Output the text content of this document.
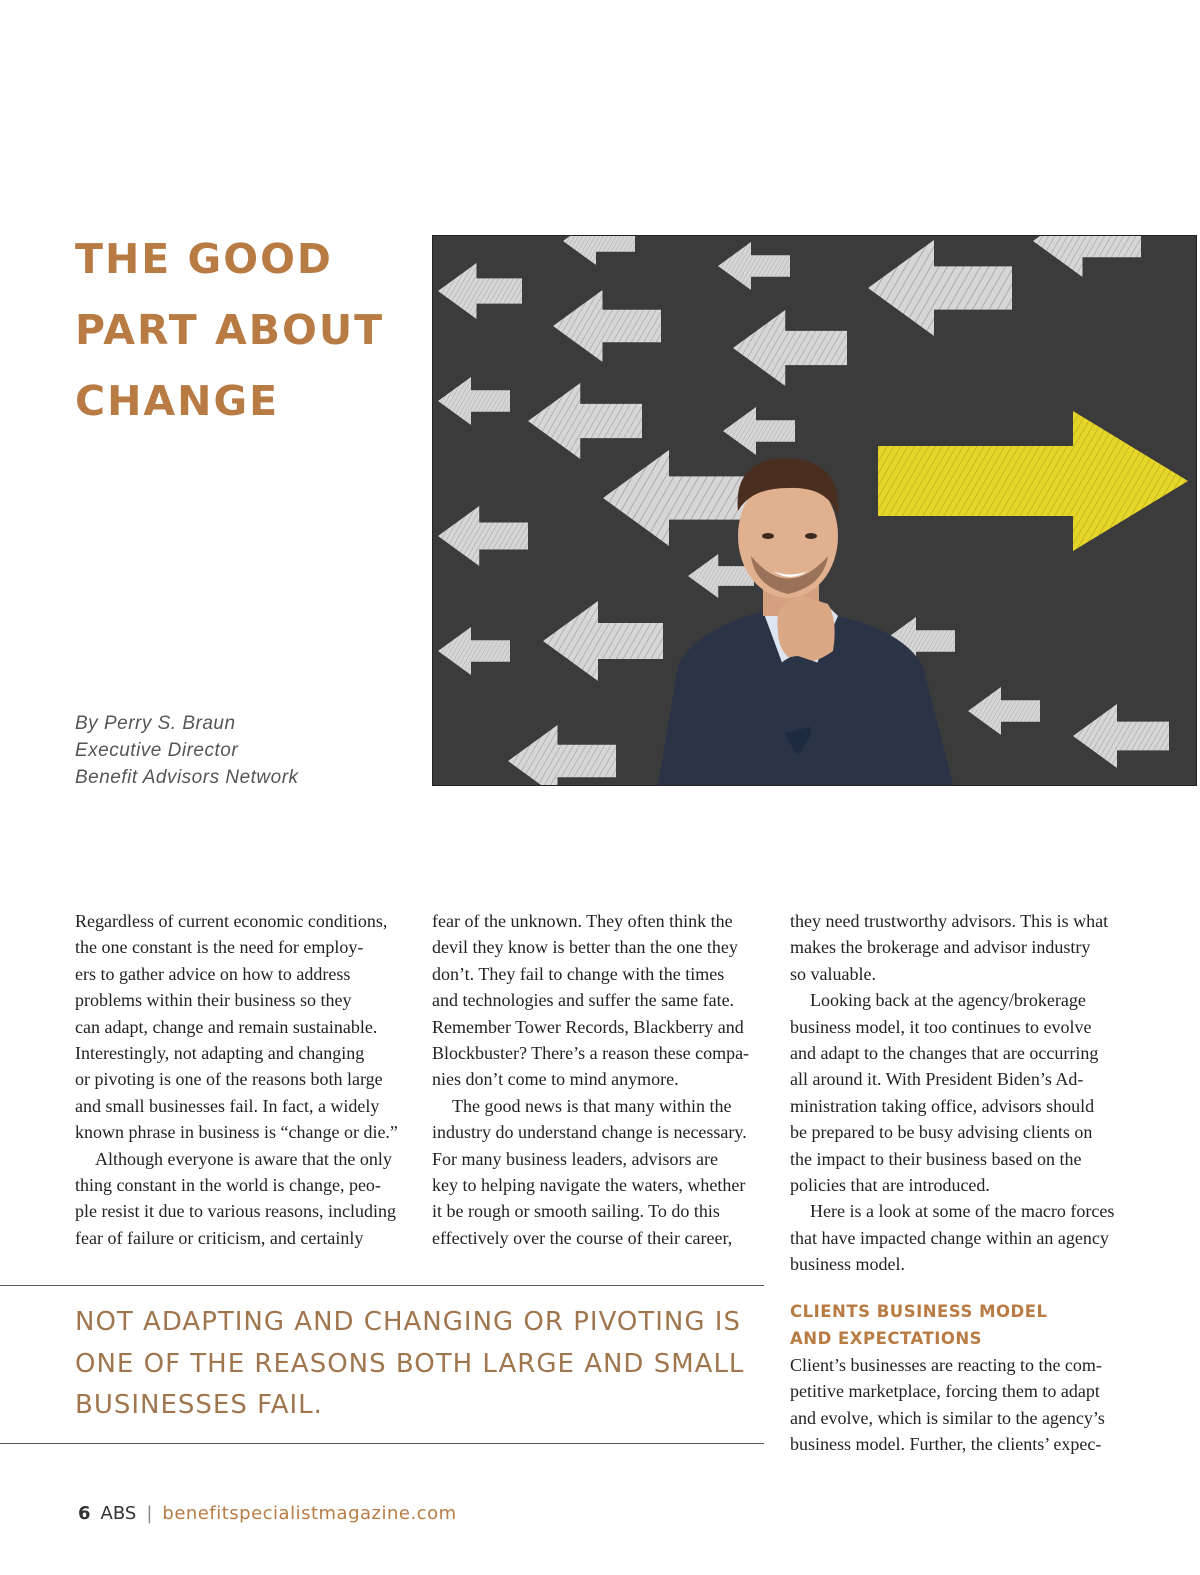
THE GOOD
PART ABOUT
CHANGE
By Perry S. Braun
Executive Director
Benefit Advisors Network

Regardless of current economic conditions,

the one constant is the need for employ-

ers to gather advice on how to address

problems within their business so they

can adapt, change and remain sustainable.

Interestingly, not adapting and changing

or pivoting is one of the reasons both large

and small businesses fail. In fact, a widely

known phrase in business is “change or die.”

Although everyone is aware that the only

thing constant in the world is change, peo-

ple resist it due to various reasons, including

fear of failure or criticism, and certainly

fear of the unknown. They often think the

devil they know is better than the one they

don’t. They fail to change with the times

and technologies and suffer the same fate.

Remember Tower Records, Blackberry and

Blockbuster? There’s a reason these compa-

nies don’t come to mind anymore.

The good news is that many within the

industry do understand change is necessary.

For many business leaders, advisors are

key to helping navigate the waters, whether

it be rough or smooth sailing. To do this

effectively over the course of their career,

they need trustworthy advisors. This is what

makes the brokerage and advisor industry

so valuable.

Looking back at the agency/brokerage

business model, it too continues to evolve

and adapt to the changes that are occurring

all around it. With President Biden’s Ad-

ministration taking office, advisors should

be prepared to be busy advising clients on

the impact to their business based on the

policies that are introduced.

Here is a look at some of the macro forces

that have impacted change within an agency

business model.

CLIENTS BUSINESS MODEL
AND EXPECTATIONS

Client’s businesses are reacting to the com-

petitive marketplace, forcing them to adapt

and evolve, which is similar to the agency’s

business model. Further, the clients’ expec-

NOT ADAPTING AND CHANGING OR PIVOTING IS
ONE OF THE REASONS BOTH LARGE AND SMALL
BUSINESSES FAIL.
6 ABS | benefitspecialistmagazine.com
